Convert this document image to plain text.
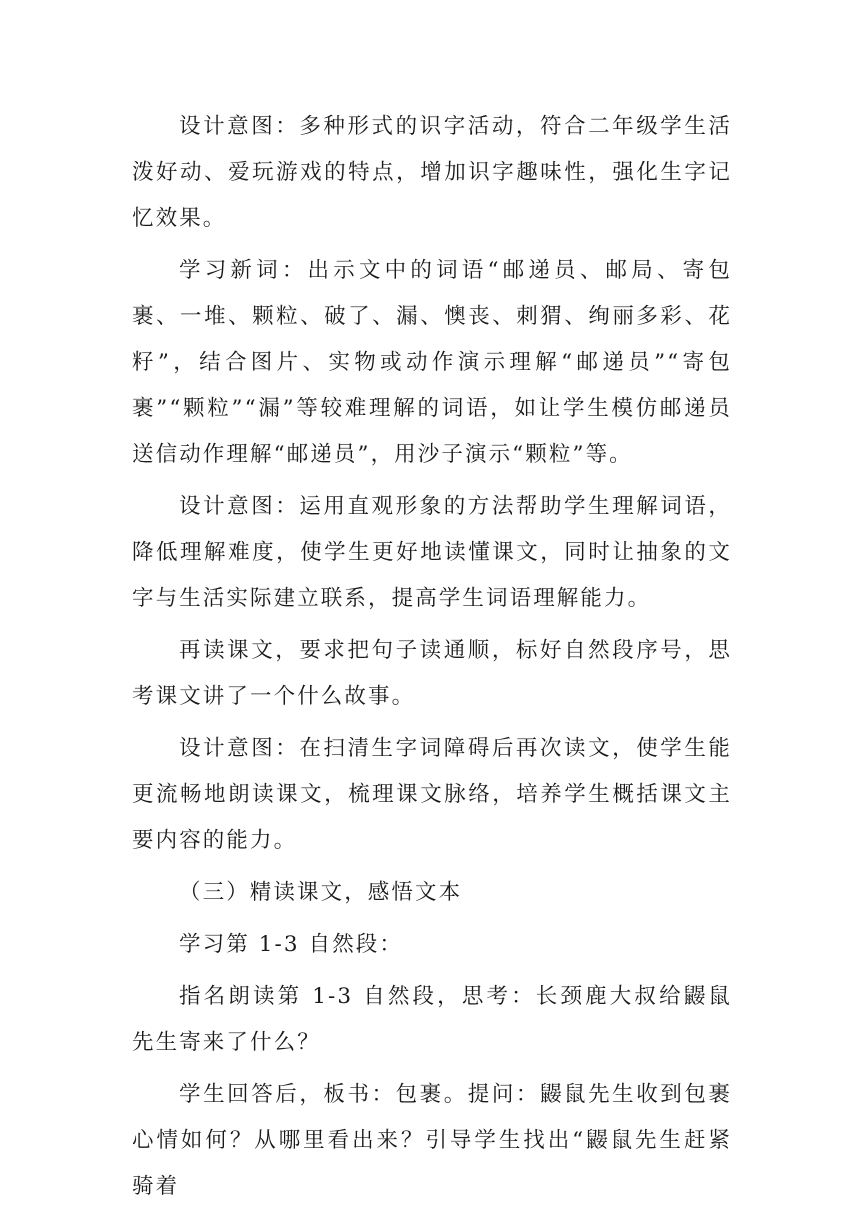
设计意图：多种形式的识字活动，符合二年级学生活泼好动、爱玩游戏的特点，增加识字趣味性，强化生字记忆效果。

学习新词：出示文中的词语“邮递员、邮局、寄包裹、一堆、颗粒、破了、漏、懊丧、刺猬、绚丽多彩、花籽”，结合图片、实物或动作演示理解“邮递员”“寄包裹”“颗粒”“漏”等较难理解的词语，如让学生模仿邮递员送信动作理解“邮递员”，用沙子演示“颗粒”等。

设计意图：运用直观形象的方法帮助学生理解词语，降低理解难度，使学生更好地读懂课文，同时让抽象的文字与生活实际建立联系，提高学生词语理解能力。

再读课文，要求把句子读通顺，标好自然段序号，思考课文讲了一个什么故事。

设计意图：在扫清生字词障碍后再次读文，使学生能更流畅地朗读课文，梳理课文脉络，培养学生概括课文主要内容的能力。

（三）精读课文，感悟文本

学习第 1-3 自然段：

指名朗读第 1-3 自然段，思考：长颈鹿大叔给鼹鼠先生寄来了什么？

学生回答后，板书：包裹。提问：鼹鼠先生收到包裹心情如何？从哪里看出来？引导学生找出“鼹鼠先生赶紧骑着
